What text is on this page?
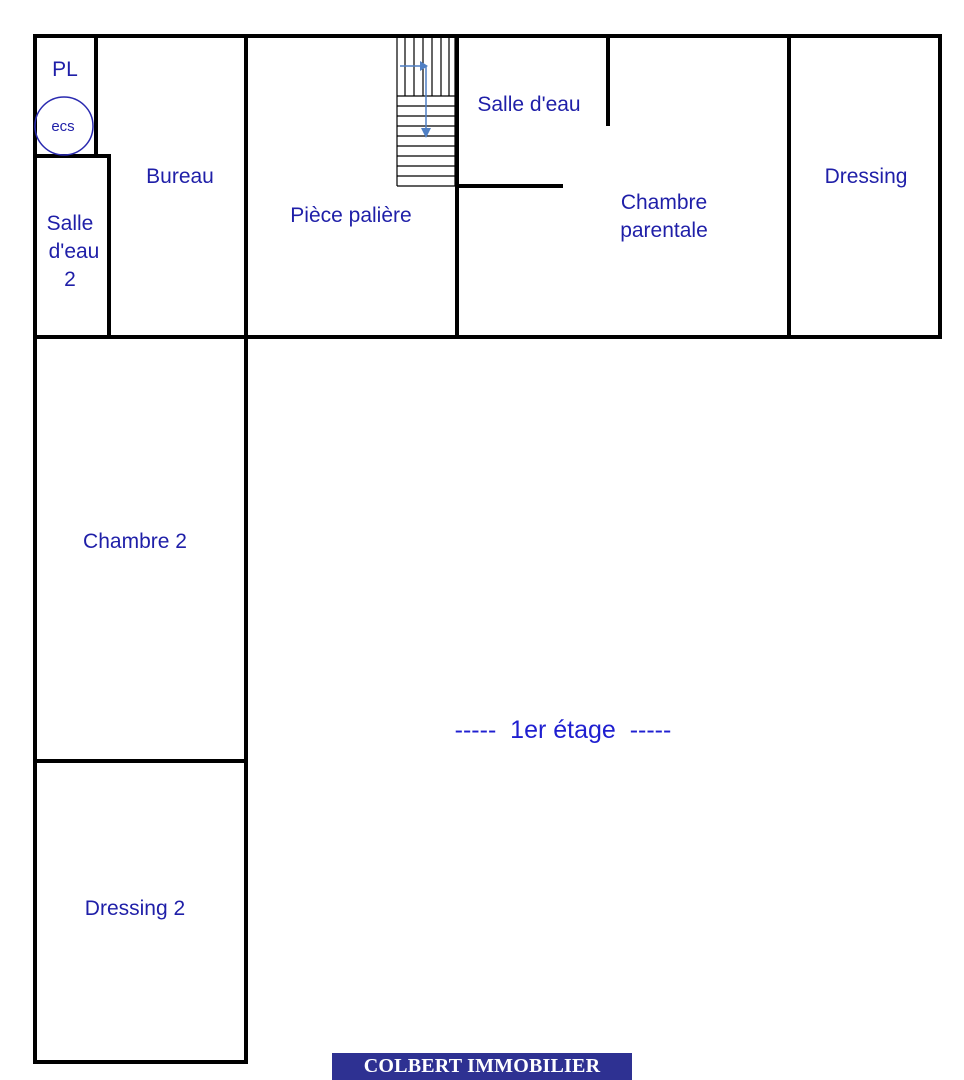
PL
ecs
Salle
d'eau
2
Bureau
Pièce palière
Salle d'eau
Chambre
parentale
Dressing
Chambre 2
Dressing 2
-----  1er étage  -----
COLBERT IMMOBILIER
